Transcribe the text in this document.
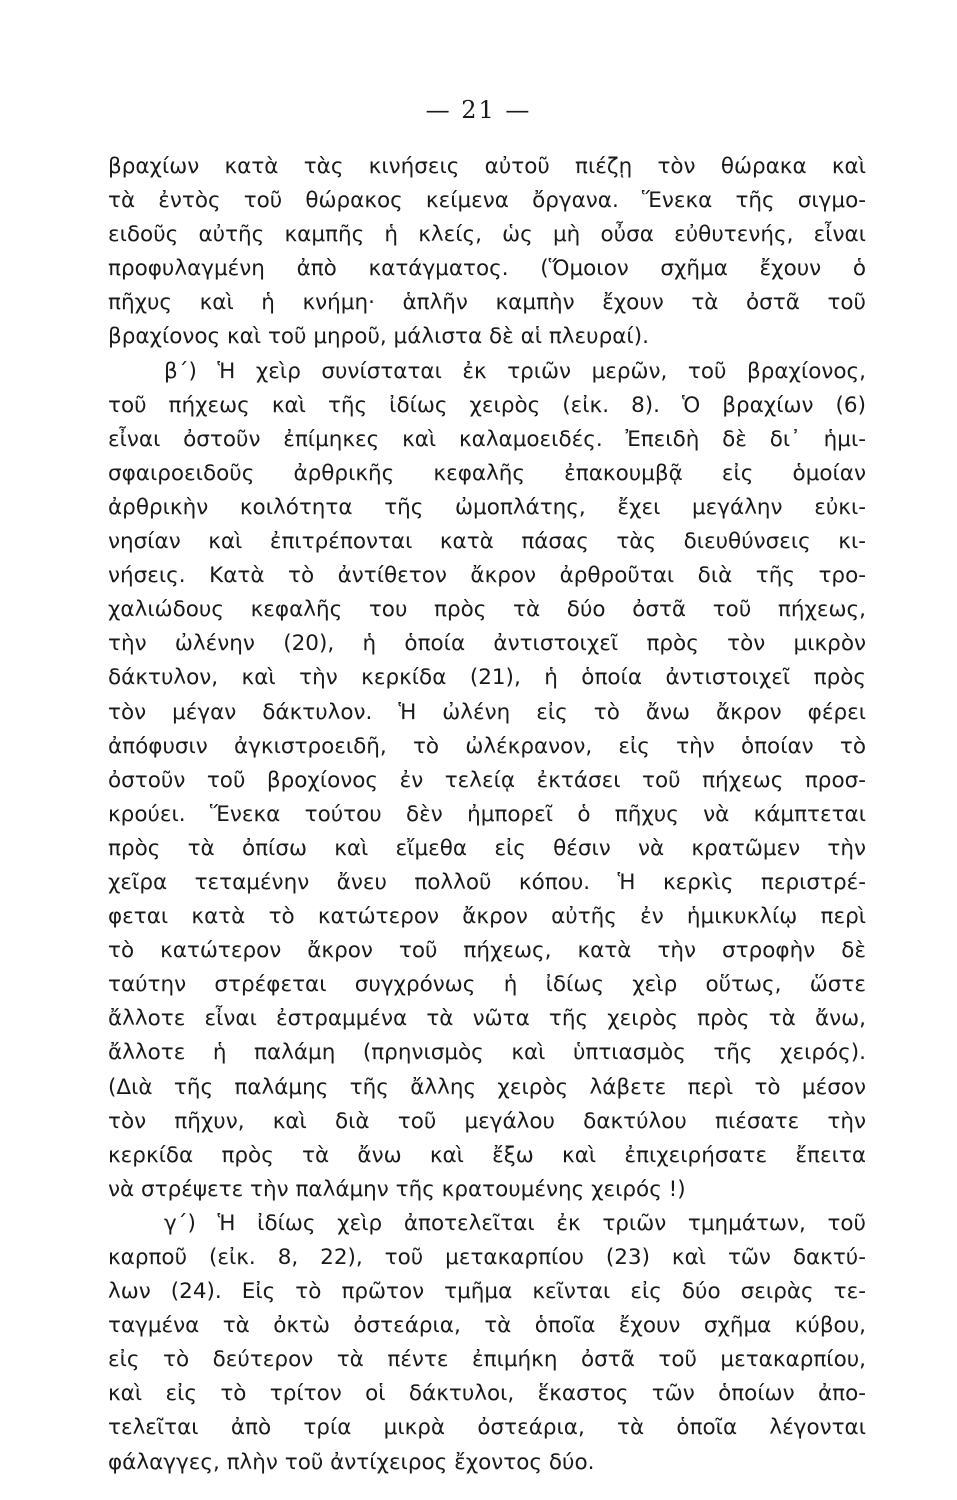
— 21 —
βραχίων κατὰ τὰς κινήσεις αὐτοῦ πιέζῃ τὸν θώρακα καὶ
τὰ ἐντὸς τοῦ θώρακος κείμενα ὄργανα. Ἕνεκα τῆς σιγμο-
ειδοῦς αὐτῆς καμπῆς ἡ κλείς, ὡς μὴ οὖσα εὐθυτενής, εἶναι
προφυλαγμένη ἀπὸ κατάγματος. (Ὅμοιον σχῆμα ἔχουν ὁ
πῆχυς καὶ ἡ κνήμη· ἁπλῆν καμπὴν ἔχουν τὰ ὀστᾶ τοῦ
βραχίονος καὶ τοῦ μηροῦ, μάλιστα δὲ αἱ πλευραί).
β΄) Ἡ χεὶρ συνίσταται ἐκ τριῶν μερῶν, τοῦ βραχίονος,
τοῦ πήχεως καὶ τῆς ἰδίως χειρὸς (εἰκ. 8). Ὁ βραχίων (6)
εἶναι ὀστοῦν ἐπίμηκες καὶ καλαμοειδές. Ἐπειδὴ δὲ δι᾽ ἡμι-
σφαιροειδοῦς ἀρθρικῆς κεφαλῆς ἐπακουμβᾷ εἰς ὁμοίαν
ἀρθρικὴν κοιλότητα τῆς ὠμοπλάτης, ἔχει μεγάλην εὐκι-
νησίαν καὶ ἐπιτρέπονται κατὰ πάσας τὰς διευθύνσεις κι-
νήσεις. Κατὰ τὸ ἀντίθετον ἄκρον ἀρθροῦται διὰ τῆς τρο-
χαλιώδους κεφαλῆς του πρὸς τὰ δύο ὀστᾶ τοῦ πήχεως,
τὴν ὠλένην (20), ἡ ὁποία ἀντιστοιχεῖ πρὸς τὸν μικρὸν
δάκτυλον, καὶ τὴν κερκίδα (21), ἡ ὁποία ἀντιστοιχεῖ πρὸς
τὸν μέγαν δάκτυλον. Ἡ ὠλένη εἰς τὸ ἄνω ἄκρον φέρει
ἀπόφυσιν ἀγκιστροειδῆ, τὸ ὠλέκρανον, εἰς τὴν ὁποίαν τὸ
ὀστοῦν τοῦ βροχίονος ἐν τελείᾳ ἐκτάσει τοῦ πήχεως προσ-
κρούει. Ἕνεκα τούτου δὲν ἠμπορεῖ ὁ πῆχυς νὰ κάμπτεται
πρὸς τὰ ὀπίσω καὶ εἴμεθα εἰς θέσιν νὰ κρατῶμεν τὴν
χεῖρα τεταμένην ἄνευ πολλοῦ κόπου. Ἡ κερκὶς περιστρέ-
φεται κατὰ τὸ κατώτερον ἄκρον αὐτῆς ἐν ἡμικυκλίῳ περὶ
τὸ κατώτερον ἄκρον τοῦ πήχεως, κατὰ τὴν στροφὴν δὲ
ταύτην στρέφεται συγχρόνως ἡ ἰδίως χεὶρ οὕτως, ὥστε
ἄλλοτε εἶναι ἐστραμμένα τὰ νῶτα τῆς χειρὸς πρὸς τὰ ἄνω,
ἄλλοτε ἡ παλάμη (πρηνισμὸς καὶ ὑπτιασμὸς τῆς χειρός).
(Διὰ τῆς παλάμης τῆς ἄλλης χειρὸς λάβετε περὶ τὸ μέσον
τὸν πῆχυν, καὶ διὰ τοῦ μεγάλου δακτύλου πιέσατε τὴν
κερκίδα πρὸς τὰ ἄνω καὶ ἔξω καὶ ἐπιχειρήσατε ἔπειτα
νὰ στρέψετε τὴν παλάμην τῆς κρατουμένης χειρός !)
γ΄) Ἡ ἰδίως χεὶρ ἀποτελεῖται ἐκ τριῶν τμημάτων, τοῦ
καρποῦ (εἰκ. 8, 22), τοῦ μετακαρπίου (23) καὶ τῶν δακτύ-
λων (24). Εἰς τὸ πρῶτον τμῆμα κεῖνται εἰς δύο σειρὰς τε-
ταγμένα τὰ ὀκτὼ ὀστεάρια, τὰ ὁποῖα ἔχουν σχῆμα κύβου,
εἰς τὸ δεύτερον τὰ πέντε ἐπιμήκη ὀστᾶ τοῦ μετακαρπίου,
καὶ εἰς τὸ τρίτον οἱ δάκτυλοι, ἕκαστος τῶν ὁποίων ἀπο-
τελεῖται ἀπὸ τρία μικρὰ ὀστεάρια, τὰ ὁποῖα λέγονται
φάλαγγες, πλὴν τοῦ ἀντίχειρος ἔχοντος δύο.
